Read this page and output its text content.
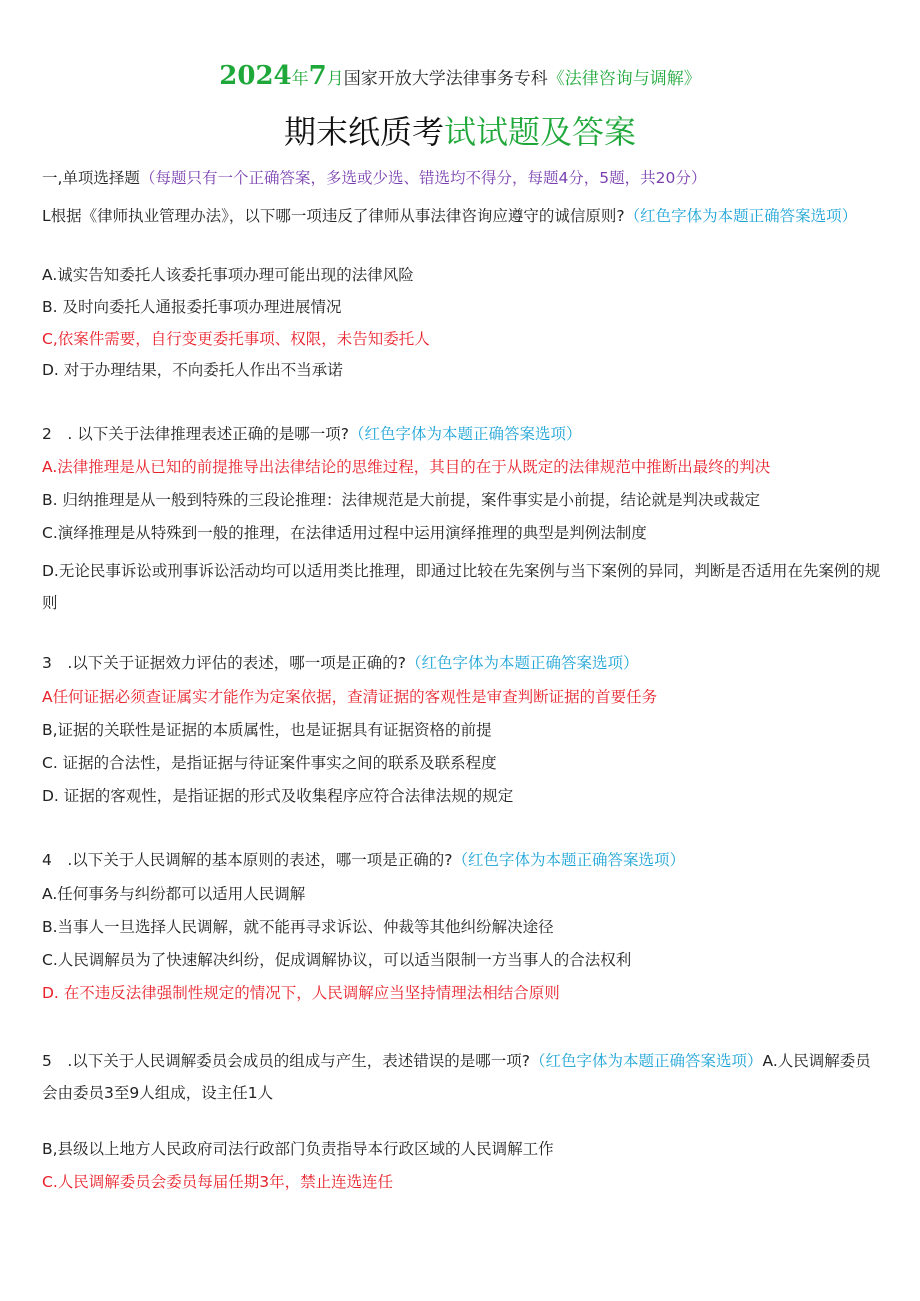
2024年7月国家开放大学法律事务专科《法律咨询与调解》
期末纸质考试试题及答案
一,单项选择题（每题只有一个正确答案，多选或少选、错选均不得分，每题4分，5题，共20分）
L根据《律师执业管理办法》，以下哪一项违反了律师从事法律咨询应遵守的诚信原则?（红色字体为本题正确答案选项）
A.诚实告知委托人该委托事项办理可能出现的法律风险
B. 及时向委托人通报委托事项办理进展情况
C,依案件需要，自行变更委托事项、权限，未告知委托人
D. 对于办理结果，不向委托人作出不当承诺
2　. 以下关于法律推理表述正确的是哪一项?（红色字体为本题正确答案选项）
A.法律推理是从已知的前提推导出法律结论的思维过程，其目的在于从既定的法律规范中推断出最终的判决
B. 归纳推理是从一般到特殊的三段论推理：法律规范是大前提，案件事实是小前提，结论就是判决或裁定
C.演绎推理是从特殊到一般的推理，在法律适用过程中运用演绎推理的典型是判例法制度
D.无论民事诉讼或刑事诉讼活动均可以适用类比推理，即通过比较在先案例与当下案例的异同，判断是否适用在先案例的规则
3　.以下关于证据效力评估的表述，哪一项是正确的?（红色字体为本题正确答案选项）
A任何证据必须查证属实才能作为定案依据，查清证据的客观性是审查判断证据的首要任务
B,证据的关联性是证据的本质属性，也是证据具有证据资格的前提
C. 证据的合法性，是指证据与待证案件事实之间的联系及联系程度
D. 证据的客观性，是指证据的形式及收集程序应符合法律法规的规定
4　.以下关于人民调解的基本原则的表述，哪一项是正确的?（红色字体为本题正确答案选项）
A.任何事务与纠纷都可以适用人民调解
B.当事人一旦选择人民调解，就不能再寻求诉讼、仲裁等其他纠纷解决途径
C.人民调解员为了快速解决纠纷，促成调解协议，可以适当限制一方当事人的合法权利
D. 在不违反法律强制性规定的情况下，人民调解应当坚持情理法相结合原则
5　.以下关于人民调解委员会成员的组成与产生，表述错误的是哪一项?（红色字体为本题正确答案选项）A.人民调解委员会由委员3至9人组成，设主任1人
B,县级以上地方人民政府司法行政部门负责指导本行政区域的人民调解工作
C.人民调解委员会委员每届任期3年，禁止连选连任
